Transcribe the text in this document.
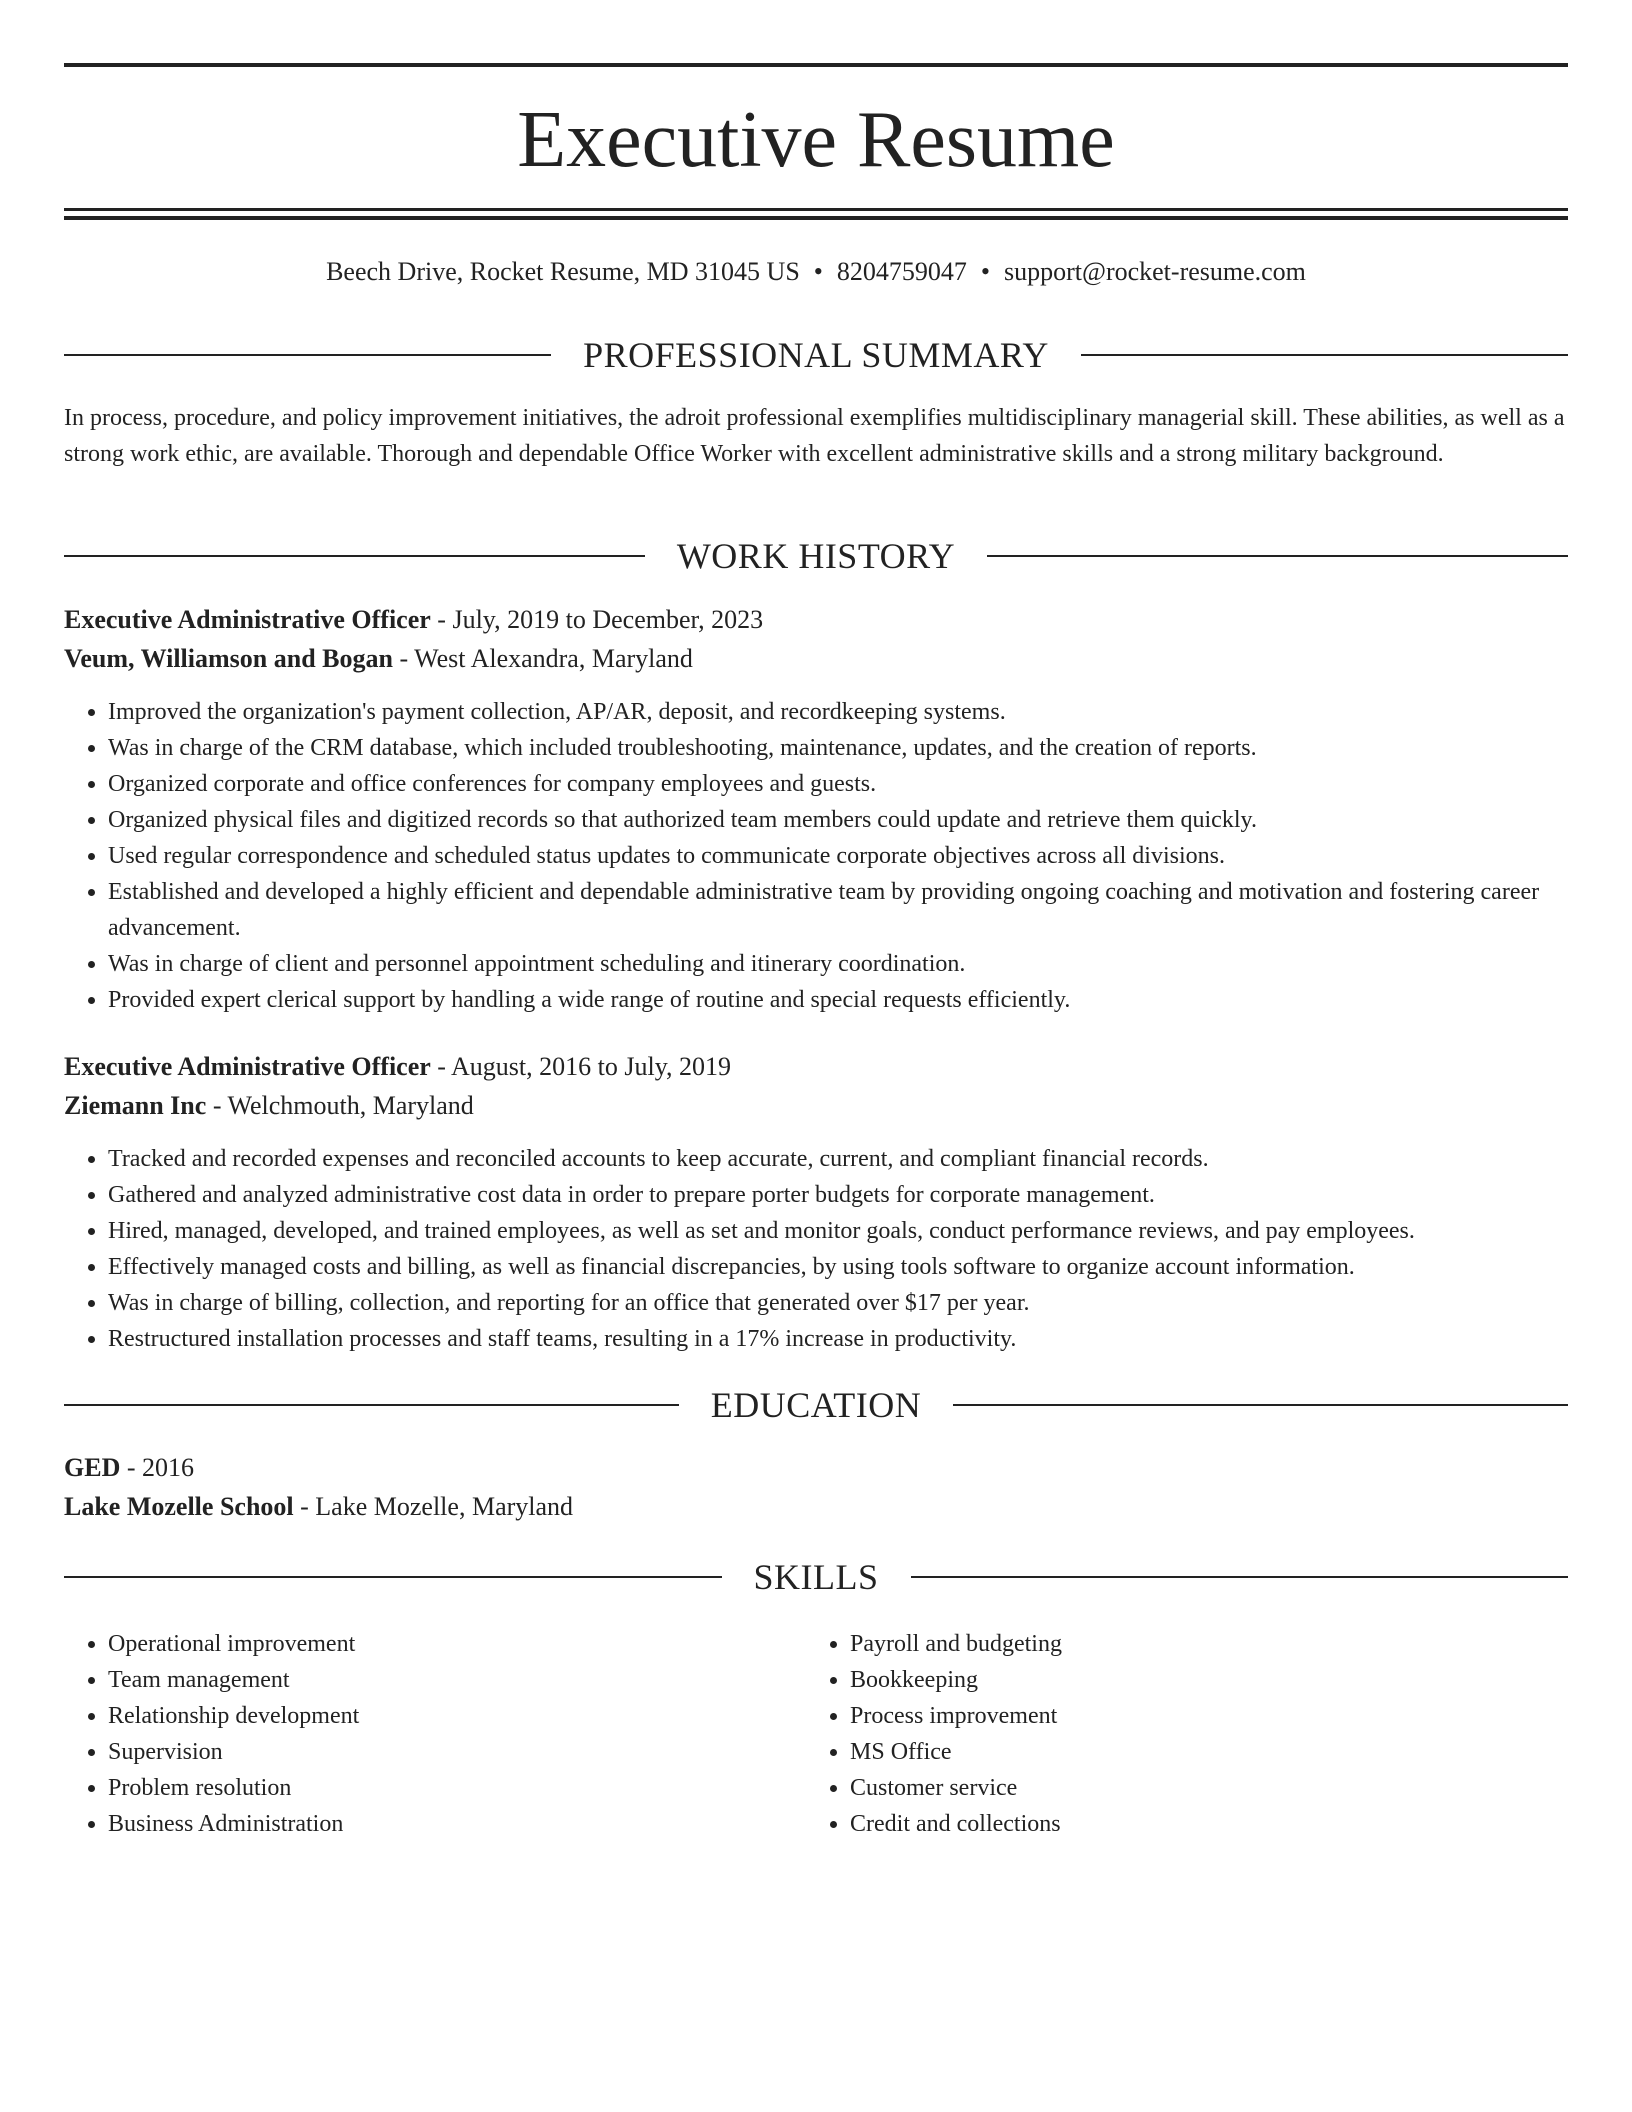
Executive Resume
Beech Drive, Rocket Resume, MD 31045 US • 8204759047 • support@rocket-resume.com
PROFESSIONAL SUMMARY

In process, procedure, and policy improvement initiatives, the adroit professional exemplifies multidisciplinary managerial skill. These abilities, as well as a strong work ethic, are available. Thorough and dependable Office Worker with excellent administrative skills and a strong military background.

WORK HISTORY

Executive Administrative Officer - July, 2019 to December, 2023

Veum, Williamson and Bogan - West Alexandra, Maryland

• Improved the organization's payment collection, AP/AR, deposit, and recordkeeping systems.
• Was in charge of the CRM database, which included troubleshooting, maintenance, updates, and the creation of reports.
• Organized corporate and office conferences for company employees and guests.
• Organized physical files and digitized records so that authorized team members could update and retrieve them quickly.
• Used regular correspondence and scheduled status updates to communicate corporate objectives across all divisions.
• Established and developed a highly efficient and dependable administrative team by providing ongoing coaching and motivation and fostering career advancement.
• Was in charge of client and personnel appointment scheduling and itinerary coordination.
• Provided expert clerical support by handling a wide range of routine and special requests efficiently.

Executive Administrative Officer - August, 2016 to July, 2019

Ziemann Inc - Welchmouth, Maryland

• Tracked and recorded expenses and reconciled accounts to keep accurate, current, and compliant financial records.
• Gathered and analyzed administrative cost data in order to prepare porter budgets for corporate management.
• Hired, managed, developed, and trained employees, as well as set and monitor goals, conduct performance reviews, and pay employees.
• Effectively managed costs and billing, as well as financial discrepancies, by using tools software to organize account information.
• Was in charge of billing, collection, and reporting for an office that generated over $17 per year.
• Restructured installation processes and staff teams, resulting in a 17% increase in productivity.
EDUCATION

GED - 2016

Lake Mozelle School - Lake Mozelle, Maryland

SKILLS
• Operational improvement
• Team management
• Relationship development
• Supervision
• Problem resolution
• Business Administration
• Payroll and budgeting
• Bookkeeping
• Process improvement
• MS Office
• Customer service
• Credit and collections
